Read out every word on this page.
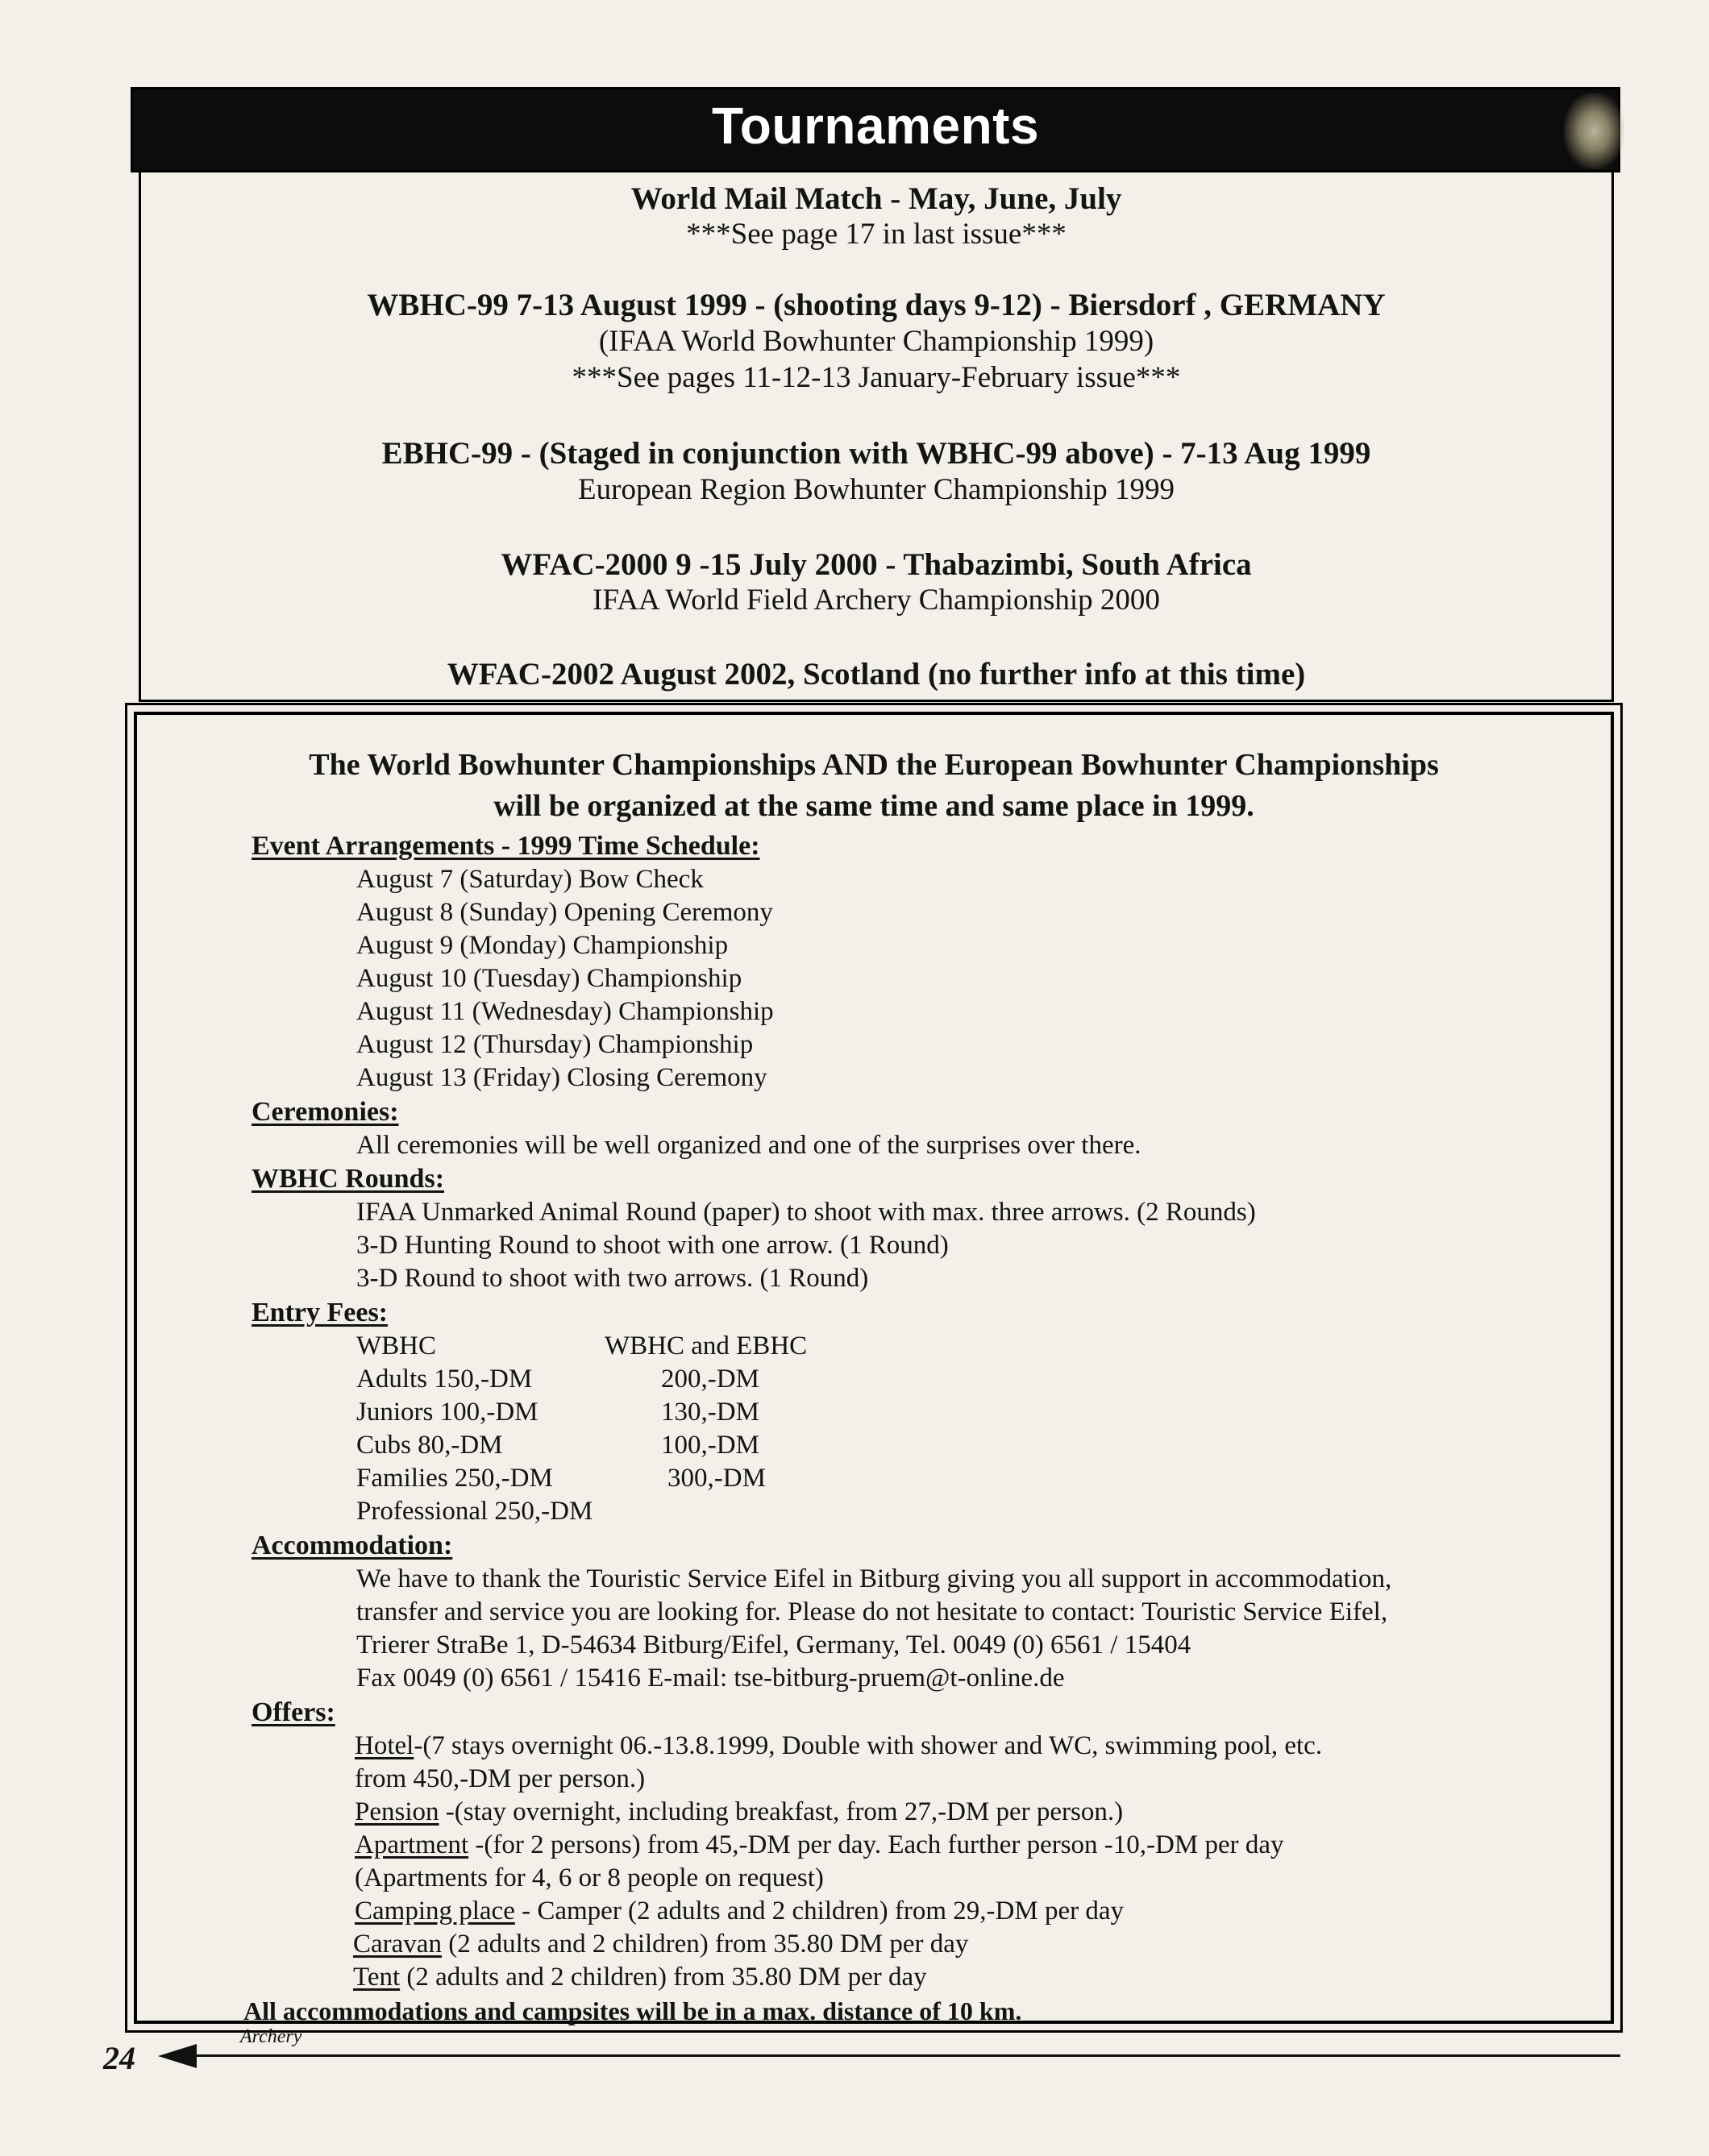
Tournaments
World Mail Match - May, June, July
***See page 17 in last issue***
WBHC-99 7-13 August 1999 - (shooting days 9-12) - Biersdorf , GERMANY
(IFAA World Bowhunter Championship 1999)
***See pages 11-12-13 January-February issue***
EBHC-99 - (Staged in conjunction with WBHC-99 above) - 7-13 Aug 1999
European Region Bowhunter Championship 1999
WFAC-2000 9 -15 July 2000 - Thabazimbi, South Africa
IFAA World Field Archery Championship 2000
WFAC-2002 August 2002, Scotland (no further info at this time)
The World Bowhunter Championships AND the European Bowhunter Championships
will be organized at the same time and same place in 1999.
Event Arrangements - 1999 Time Schedule:
August 7 (Saturday) Bow Check
August 8 (Sunday) Opening Ceremony
August 9 (Monday) Championship
August 10 (Tuesday) Championship
August 11 (Wednesday) Championship
August 12 (Thursday) Championship
August 13 (Friday) Closing Ceremony
Ceremonies:
All ceremonies will be well organized and one of the surprises over there.
WBHC Rounds:
IFAA Unmarked Animal Round (paper) to shoot with max. three arrows. (2 Rounds)
3-D Hunting Round to shoot with one arrow. (1 Round)
3-D Round to shoot with two arrows. (1 Round)
Entry Fees:
WBHC	WBHC and EBHC
Adults 150,-DM	200,-DM
Juniors 100,-DM	130,-DM
Cubs 80,-DM	100,-DM
Families 250,-DM	300,-DM
Professional 250,-DM
Accommodation:
We have to thank the Touristic Service Eifel in Bitburg giving you all support in accommodation,
transfer and service you are looking for. Please do not hesitate to contact: Touristic Service Eifel,
Trierer StraBe 1, D-54634 Bitburg/Eifel, Germany, Tel. 0049 (0) 6561 / 15404
Fax 0049 (0) 6561 / 15416 E-mail: tse-bitburg-pruem@t-online.de
Offers:
Hotel-(7 stays overnight 06.-13.8.1999, Double with shower and WC, swimming pool, etc.
from 450,-DM per person.)
Pension -(stay overnight, including breakfast, from 27,-DM per person.)
Apartment -(for 2 persons) from 45,-DM per day. Each further person -10,-DM per day
(Apartments for 4, 6 or 8 people on request)
Camping place - Camper (2 adults and 2 children) from 29,-DM per day
Caravan (2 adults and 2 children) from 35.80 DM per day
Tent (2 adults and 2 children) from 35.80 DM per day
All accommodations and campsites will be in a max. distance of 10 km.
24
Archery
